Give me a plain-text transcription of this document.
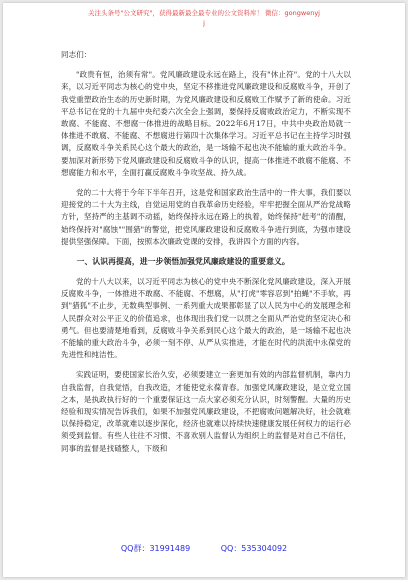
关注头条号"公文研究"，获得最新最全最专业的公文资料库！ 微信：gongwenyj
j

同志们：

"政贵有恒，治须有常"。党风廉政建设永远在路上，没有"休止符"。党的十八大以来，以习近平同志为核心的党中央，坚定不移推进党风廉政建设和反腐败斗争，开创了我党重塑政治生态的历史新时期，为党风廉政建设和反腐败工作赋予了新的使命。习近平总书记在党的十九届中央纪委六次全会上强调，要保持反腐败政治定力，不断实现不敢腐、不能腐、不想腐一体推进的战略目标。2022年6月17日，中共中央政治局就一体推进不敢腐、不能腐、不想腐进行第四十次集体学习。习近平总书记在主持学习时强调，反腐败斗争关系民心这个最大的政治，是一场输不起也决不能输的重大政治斗争。要加深对新形势下党风廉政建设和反腐败斗争的认识，提高一体推进不敢腐不能腐、不想腐能力和水平，全面打赢反腐败斗争攻坚战、持久战。

党的二十大将于今年下半年召开，这是党和国家政治生活中的一件大事，我们要以迎接党的二十大为主线，自觉运用党的自我革命历史经验，牢牢把握全面从严治党战略方针，坚持严的主基调不动摇，始终保持永远在路上的执着，始终保持"赶考"的清醒，始终保持对"腐蚀""围猎"的警觉，把党风廉政建设和反腐败斗争进行到底，为强市建设提供坚强保障。下面，按照本次廉政党课的安排，我讲四个方面的内容。

一、认识再提高，进一步领悟加强党风廉政建设的重要意义。

党的十八大以来，以习近平同志为核心的党中央不断深化党风廉政建设，深入开展反腐败斗争，一体推进不敢腐、不能腐、不想腐，从"打虎"零容忍到"拍蝇"不手软，再到"猎狐"不止步，无数典型事例、一系列重大成果都彰显了以人民为中心的发展理念和人民群众对公平正义的价值追求，也体现出我们党一以贯之全面从严治党的坚定决心和勇气。但也要清楚地看到，反腐败斗争关系到民心这个最大的政治，是一场输不起也决不能输的重大政治斗争，必须一刻不停、从严从实推进，才能在时代的洪流中永葆党的先进性和纯洁性。

实践证明，要使国家长治久安，必须要建立一套更加有效的内部监督机制，靠内力自我监督，自我觉悟，自我改造，才能使党永葆青春。加强党风廉政建设，是立党立国之本，是执政执行好的一个重要保证这一点大家必须充分认识，时刻警醒。大量的历史经验和现实情况告诉我们，如果不加强党风廉政建设，不把腐败问题解决好，社会就难以保持稳定，改革就难以逐步深化，经济也就难以持续快速健康发展任何权力的运行必须受到监督。有些人往往不习惯、不喜欢别人监督认为组织上的监督是对自己不信任，同事的监督是找碴整人，下级和

QQ群：31991489	QQ：535304092
